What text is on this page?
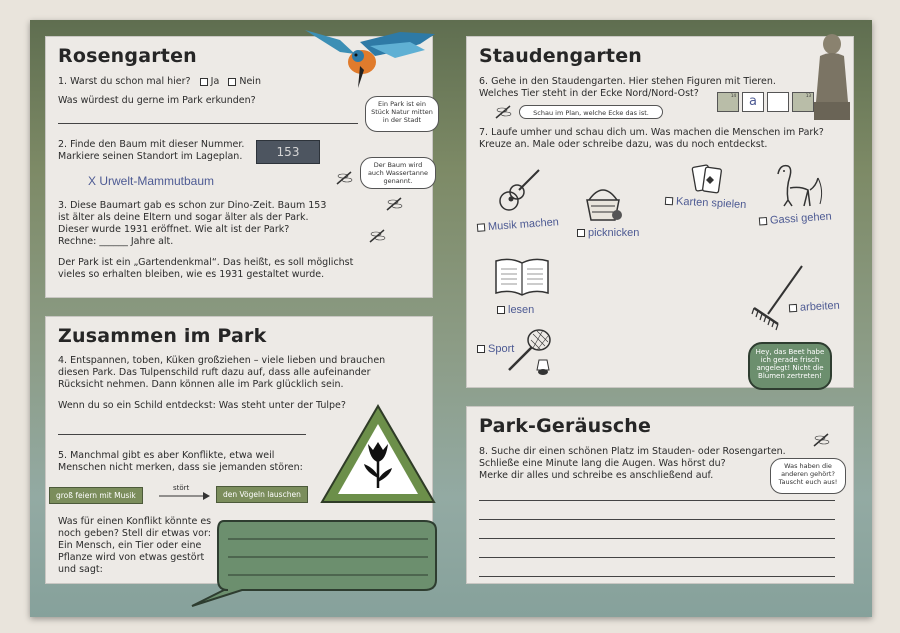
Rosengarten
1. Warst du schon mal hier? Ja Nein
Was würdest du gerne im Park erkunden?
2. Finde den Baum mit dieser Nummer.
Markiere seinen Standort im Lageplan.	153
X Urwelt-Mammutbaum
3. Diese Baumart gab es schon zur Dino-Zeit. Baum 153
ist älter als deine Eltern und sogar älter als der Park.
Dieser wurde 1931 eröffnet. Wie alt ist der Park?
Rechne: ______ Jahre alt.
Der Park ist ein „Gartendenkmal“. Das heißt, es soll möglichst
vieles so erhalten bleiben, wie es 1931 gestaltet wurde.
Ein Park ist ein Stück Natur mitten in der Stadt
Der Baum wird auch Wassertanne genannt.
Zusammen im Park
4. Entspannen, toben, Küken großziehen – viele lieben und brauchen
diesen Park. Das Tulpenschild ruft dazu auf, dass alle aufeinander
Rücksicht nehmen. Dann können alle im Park glücklich sein.
Wenn du so ein Schild entdeckst: Was steht unter der Tulpe?
5. Manchmal gibt es aber Konflikte, etwa weil
Menschen nicht merken, dass sie jemanden stören:
groß feiern mit Musik
stört
den Vögeln lauschen
Was für einen Konflikt könnte es
noch geben? Stell dir etwas vor:
Ein Mensch, ein Tier oder eine
Pflanze wird von etwas gestört
und sagt:
Staudengarten
6. Gehe in den Staudengarten. Hier stehen Figuren mit Tieren.
Welches Tier steht in der Ecke Nord/Nord-Ost?
Schau im Plan, welche Ecke das ist.
14	a	13
7. Laufe umher und schau dich um. Was machen die Menschen im Park?
Kreuze an. Male oder schreibe dazu, was du noch entdeckst.
Musik machen	picknicken
Karten spielen
Gassi gehen
lesen	arbeiten
Sport	Hey, das Beet habe ich gerade frisch angelegt! Nicht die Blumen zertreten!
Park-Geräusche
8. Suche dir einen schönen Platz im Stauden- oder Rosengarten.
Schließe eine Minute lang die Augen. Was hörst du?
Merke dir alles und schreibe es anschließend auf.
Was haben die anderen gehört? Tauscht euch aus!
